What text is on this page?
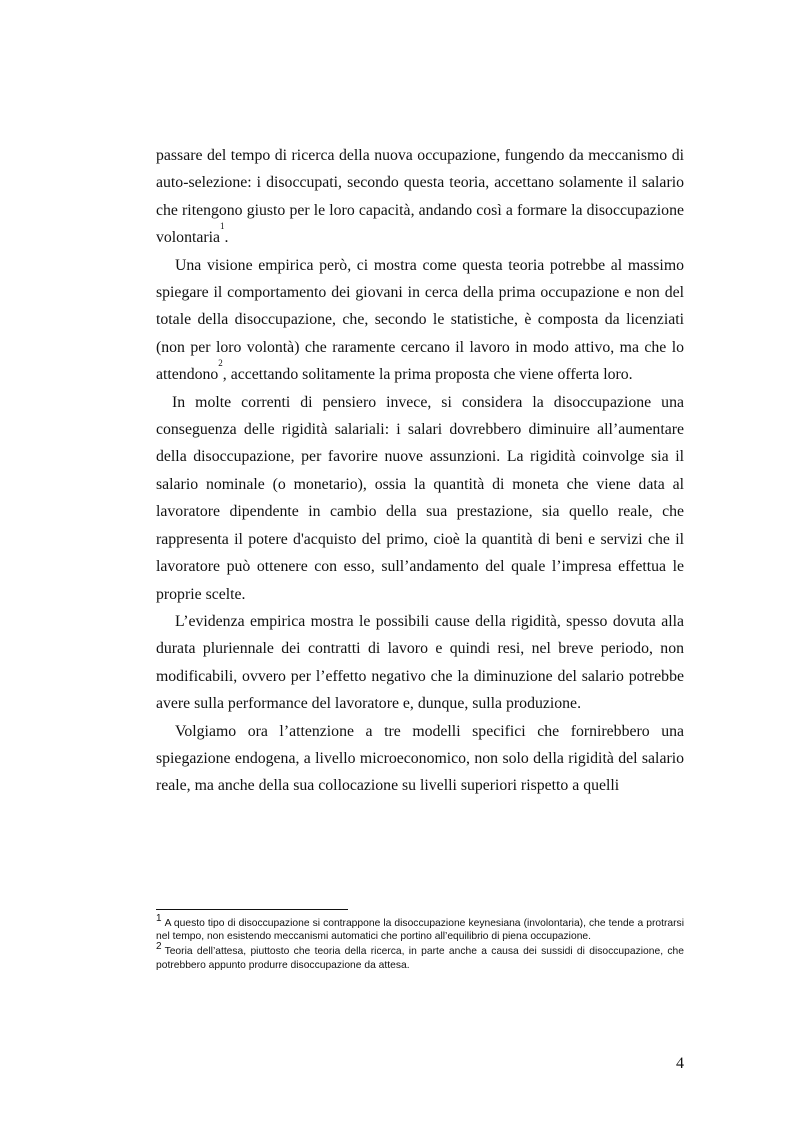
passare del tempo di ricerca della nuova occupazione, fungendo da meccanismo di auto-selezione: i disoccupati, secondo questa teoria, accettano solamente il salario che ritengono giusto per le loro capacità, andando così a formare la disoccupazione volontaria$^1$.

Una visione empirica però, ci mostra come questa teoria potrebbe al massimo spiegare il comportamento dei giovani in cerca della prima occupazione e non del totale della disoccupazione, che, secondo le statistiche, è composta da licenziati (non per loro volontà) che raramente cercano il lavoro in modo attivo, ma che lo attendono$^2$, accettando solitamente la prima proposta che viene offerta loro.

In molte correnti di pensiero invece, si considera la disoccupazione una conseguenza delle rigidità salariali: i salari dovrebbero diminuire all’aumentare della disoccupazione, per favorire nuove assunzioni. La rigidità coinvolge sia il salario nominale (o monetario), ossia la quantità di moneta che viene data al lavoratore dipendente in cambio della sua prestazione, sia quello reale, che rappresenta il potere d'acquisto del primo, cioè la quantità di beni e servizi che il lavoratore può ottenere con esso, sull’andamento del quale l’impresa effettua le proprie scelte.

L’evidenza empirica mostra le possibili cause della rigidità, spesso dovuta alla durata pluriennale dei contratti di lavoro e quindi resi, nel breve periodo, non modificabili, ovvero per l’effetto negativo che la diminuzione del salario potrebbe avere sulla performance del lavoratore e, dunque, sulla produzione.

Volgiamo ora l’attenzione a tre modelli specifici che fornirebbero una spiegazione endogena, a livello microeconomico, non solo della rigidità del salario reale, ma anche della sua collocazione su livelli superiori rispetto a quelli

$^1$ A questo tipo di disoccupazione si contrappone la disoccupazione keynesiana (involontaria), che tende a protrarsi nel tempo, non esistendo meccanismi automatici che portino all’equilibrio di piena occupazione.

$^2$ Teoria dell’attesa, piuttosto che teoria della ricerca, in parte anche a causa dei sussidi di disoccupazione, che potrebbero appunto produrre disoccupazione da attesa.

4
